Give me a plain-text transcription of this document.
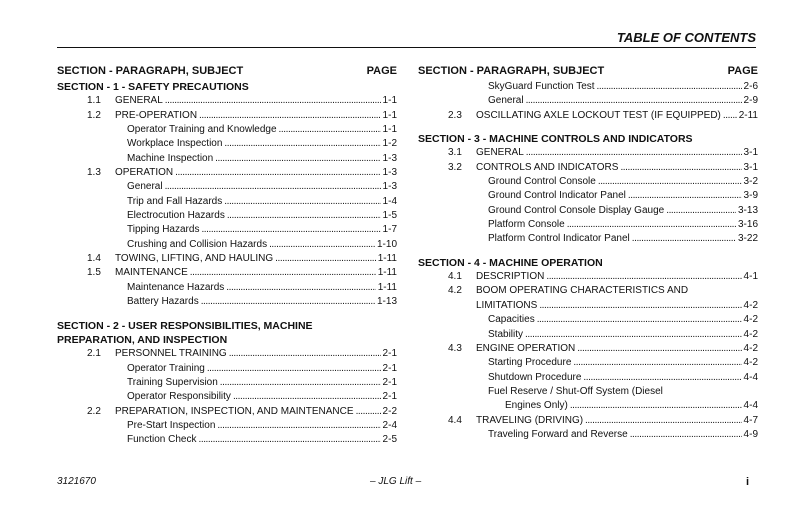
TABLE OF CONTENTS
SECTION - PARAGRAPH, SUBJECT	PAGE
SECTION - 1 - SAFETY PRECAUTIONS
1.1 GENERAL . . .	1-1
1.2 PRE-OPERATION . . .	1-1
Operator Training and Knowledge . . .	1-1
Workplace Inspection . . .	1-2
Machine Inspection . . .	1-3
1.3 OPERATION . . .	1-3
General . . .	1-3
Trip and Fall Hazards . . .	1-4
Electrocution Hazards . . .	1-5
Tipping Hazards . . .	1-7
Crushing and Collision Hazards . . .	1-10
1.4 TOWING, LIFTING, AND HAULING . . .	1-11
1.5 MAINTENANCE . . .	1-11
Maintenance Hazards . . .	1-11
Battery Hazards . . .	1-13
SECTION - 2 - USER RESPONSIBILITIES, MACHINE PREPARATION, AND INSPECTION
2.1 PERSONNEL TRAINING . . .	2-1
Operator Training . . .	2-1
Training Supervision . . .	2-1
Operator Responsibility . . .	2-1
2.2 PREPARATION, INSPECTION, AND MAINTENANCE . . .	2-2
Pre-Start Inspection . . .	2-4
Function Check . . .	2-5
SECTION - PARAGRAPH, SUBJECT	PAGE
SkyGuard Function Test . . .	2-6
General . . .	2-9
2.3 OSCILLATING AXLE LOCKOUT TEST (IF EQUIPPED) . . . 2-11
SECTION - 3 - MACHINE CONTROLS AND INDICATORS
3.1 GENERAL . . .	3-1
3.2 CONTROLS AND INDICATORS . . .	3-1
Ground Control Console . . .	3-2
Ground Control Indicator Panel . . .	3-9
Ground Control Console Display Gauge . . .	3-13
Platform Console . . .	3-16
Platform Control Indicator Panel . . .	3-22
SECTION - 4 - MACHINE OPERATION
4.1 DESCRIPTION . . .	4-1
4.2 BOOM OPERATING CHARACTERISTICS AND
LIMITATIONS . . .	4-2
Capacities . . .	4-2
Stability . . .	4-2
4.3 ENGINE OPERATION . . .	4-2
Starting Procedure . . .	4-2
Shutdown Procedure . . .	4-4
Fuel Reserve / Shut-Off System (Diesel
Engines Only) . . .	4-4
4.4 TRAVELING (DRIVING) . . .	4-7
Traveling Forward and Reverse . . .	4-9
3121670	– JLG Lift –	i
